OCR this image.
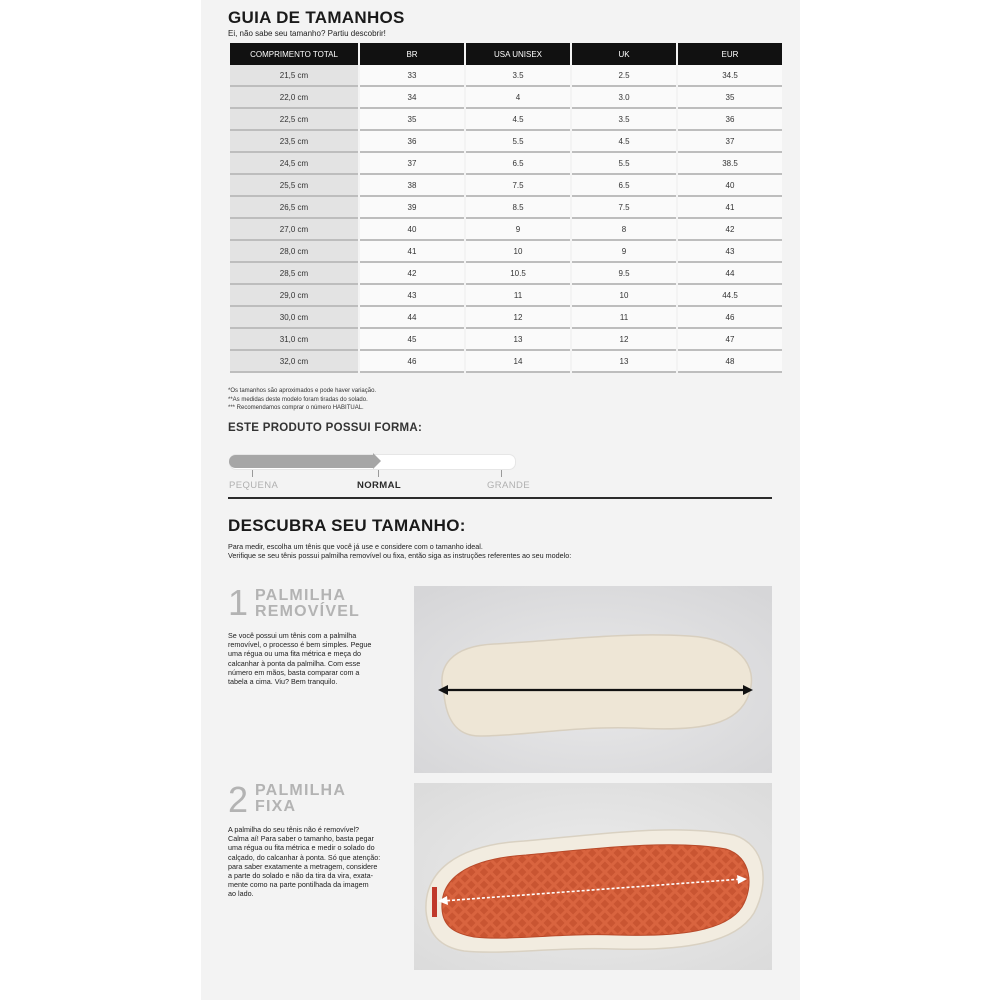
GUIA DE TAMANHOS
Ei, não sabe seu tamanho? Partiu descobrir!
COMPRIMENTO TOTAL	BR	USA UNISEX	UK	EUR
21,5 cm	33	3.5	2.5	34.5
22,0 cm	34	4	3.0	35
22,5 cm	35	4.5	3.5	36
23,5 cm	36	5.5	4.5	37
24,5 cm	37	6.5	5.5	38.5
25,5 cm	38	7.5	6.5	40
26,5 cm	39	8.5	7.5	41
27,0 cm	40	9	8	42
28,0 cm	41	10	9	43
28,5 cm	42	10.5	9.5	44
29,0 cm	43	11	10	44.5
30,0 cm	44	12	11	46
31,0 cm	45	13	12	47
32,0 cm	46	14	13	48
*Os tamanhos são aproximados e pode haver variação.
**As medidas deste modelo foram tiradas do solado.
*** Recomendamos comprar o número HABITUAL.
ESTE PRODUTO POSSUI FORMA:
PEQUENA	NORMAL	GRANDE
DESCUBRA SEU TAMANHO:
Para medir, escolha um tênis que você já use e considere com o tamanho ideal.
Verifique se seu tênis possui palmilha removível ou fixa, então siga as instruções referentes ao seu modelo:
1 PALMILHA
REMOVÍVEL
Se você possui um tênis com a palmilha
removível, o processo é bem simples. Pegue
uma régua ou uma fita métrica e meça do
calcanhar à ponta da palmilha. Com esse
número em mãos, basta comparar com a
tabela a cima. Viu? Bem tranquilo.
2 PALMILHA
FIXA
A palmilha do seu tênis não é removível?
Calma aí! Para saber o tamanho, basta pegar
uma régua ou fita métrica e medir o solado do
calçado, do calcanhar à ponta. Só que atenção:
para saber exatamente a metragem, considere
a parte do solado e não da tira da vira, exata-
mente como na parte pontilhada da imagem
ao lado.
